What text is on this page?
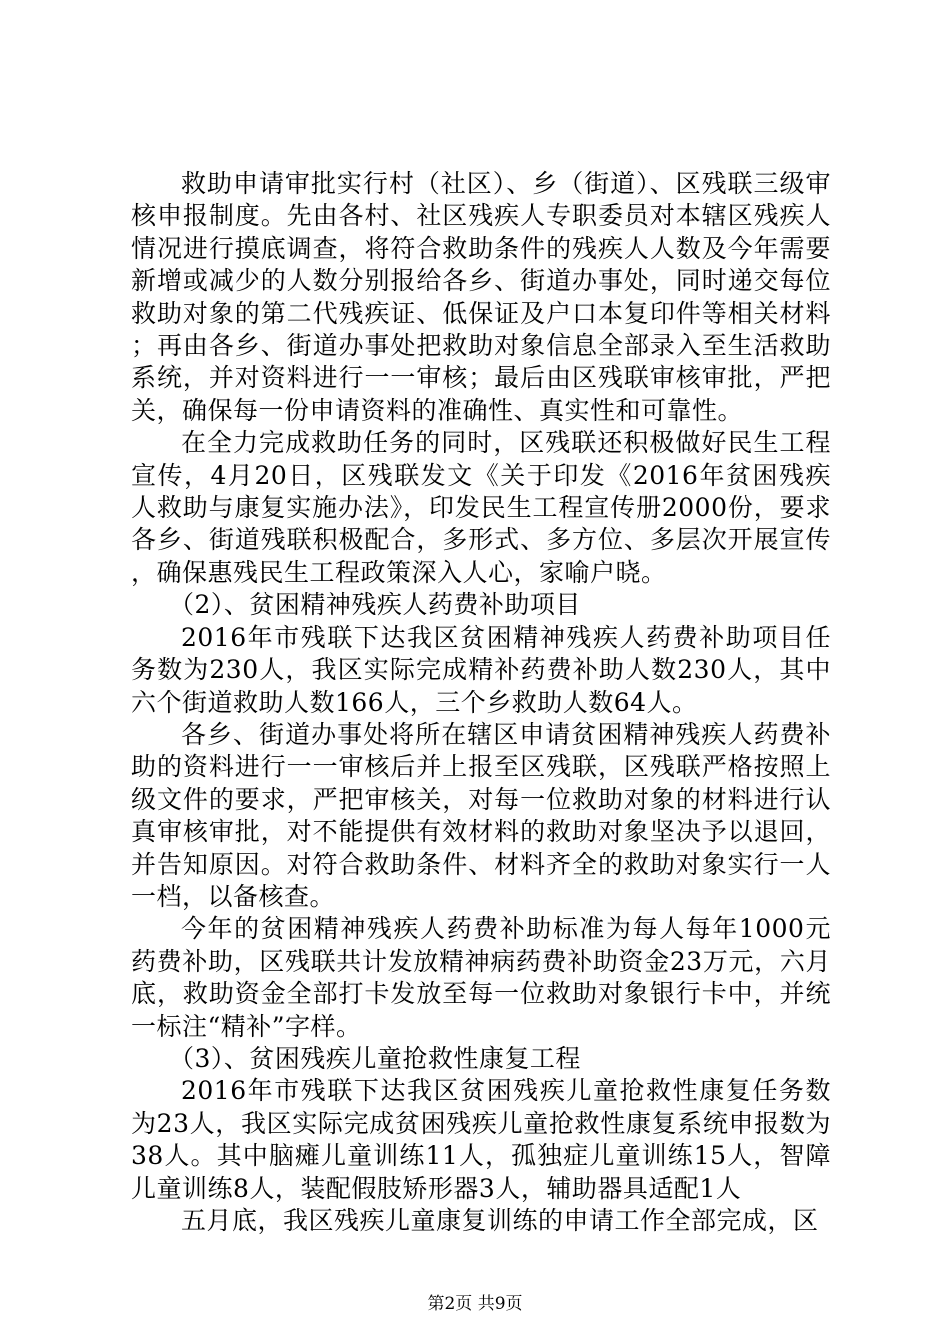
救助申请审批实行村（社区）、乡（街道）、区残联三级审核申报制度。先由各村、社区残疾人专职委员对本辖区残疾人情况进行摸底调查，将符合救助条件的残疾人人数及今年需要新增或减少的人数分别报给各乡、街道办事处，同时递交每位救助对象的第二代残疾证、低保证及户口本复印件等相关材料；再由各乡、街道办事处把救助对象信息全部录入至生活救助系统，并对资料进行一一审核；最后由区残联审核审批，严把关，确保每一份申请资料的准确性、真实性和可靠性。

在全力完成救助任务的同时，区残联还积极做好民生工程宣传，4月20日，区残联发文《关于印发《2016年贫困残疾人救助与康复实施办法》，印发民生工程宣传册2000份，要求各乡、街道残联积极配合，多形式、多方位、多层次开展宣传，确保惠残民生工程政策深入人心，家喻户晓。

（2）、贫困精神残疾人药费补助项目

2016年市残联下达我区贫困精神残疾人药费补助项目任务数为230人，我区实际完成精补药费补助人数230人，其中六个街道救助人数166人，三个乡救助人数64人。

各乡、街道办事处将所在辖区申请贫困精神残疾人药费补助的资料进行一一审核后并上报至区残联，区残联严格按照上级文件的要求，严把审核关，对每一位救助对象的材料进行认真审核审批，对不能提供有效材料的救助对象坚决予以退回，并告知原因。对符合救助条件、材料齐全的救助对象实行一人一档，以备核查。

今年的贫困精神残疾人药费补助标准为每人每年1000元药费补助，区残联共计发放精神病药费补助资金23万元，六月底，救助资金全部打卡发放至每一位救助对象银行卡中，并统一标注“精补”字样。

（3）、贫困残疾儿童抢救性康复工程

2016年市残联下达我区贫困残疾儿童抢救性康复任务数为23人，我区实际完成贫困残疾儿童抢救性康复系统申报数为38人。其中脑瘫儿童训练11人，孤独症儿童训练15人，智障儿童训练8人，装配假肢矫形器3人，辅助器具适配1人

五月底，我区残疾儿童康复训练的申请工作全部完成，区

第2页 共9页
